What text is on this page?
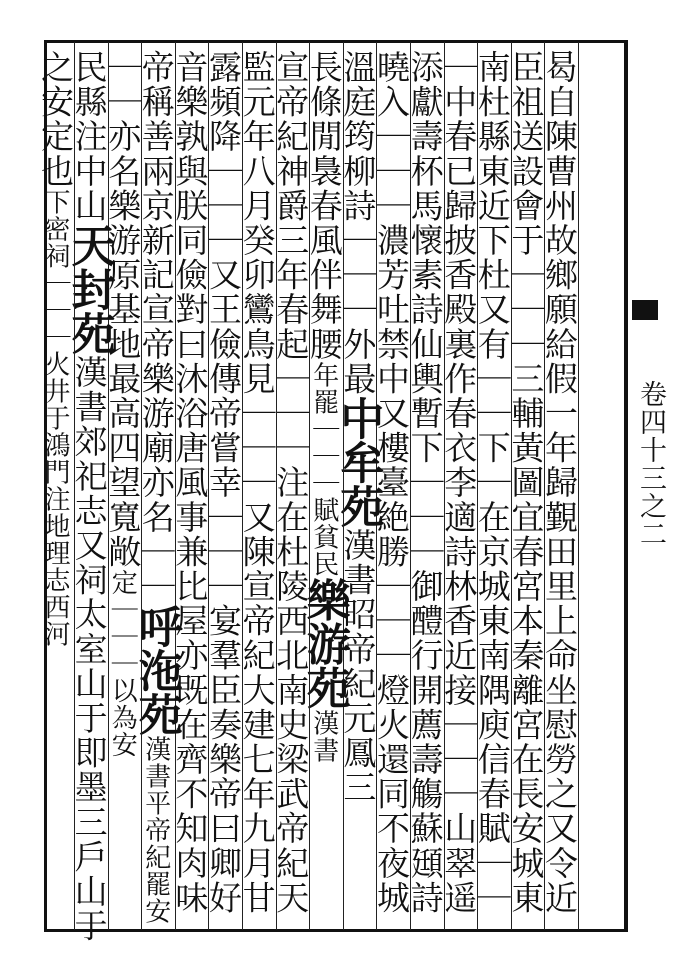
卷四十三之二
曷自陳曹州故鄉願給假一年歸覲田里上命坐慰勞之又令近
臣祖送設會于｜｜｜三輔黃圖宜春宮本秦離宮在長安城東
南杜縣東近下杜又有｜｜下｜在京城東南隅庾信春賦｜｜
｜中春已歸披香殿裏作春衣李適詩林香近接｜｜｜山翠遥
添獻壽杯馬懷素詩仙輿暫下｜｜｜御醴行開薦壽觴蘇頲詩
曉入｜｜｜濃芳吐禁中又樓臺絶勝｜｜｜燈火還同不夜城
溫庭筠柳詩｜｜｜外最中牟苑漢書昭帝紀元鳳三
長條閒裊春風伴舞腰年罷｜｜｜賦貧民樂游苑漢書
宣帝紀神爵三年春起｜｜｜注在杜陵西北南史梁武帝紀天
監元年八月癸卯鸞鳥見｜｜｜又陳宣帝紀大建七年九月甘
露頻降｜｜｜又王儉傳帝嘗幸｜｜｜宴羣臣奏樂帝曰卿好
音樂孰與朕同儉對曰沐浴唐風事兼比屋亦既在齊不知肉味
帝稱善兩京新記宣帝樂游廟亦名｜｜呼沲苑漢書平帝紀罷安
｜｜亦名樂游原基地最高四望寬敞定｜｜｜以為安
民縣注中山天封苑漢書郊祀志又祠太室山于即墨三戶山于
之安定也下密祠｜｜｜火井于鴻門注地理志西河
